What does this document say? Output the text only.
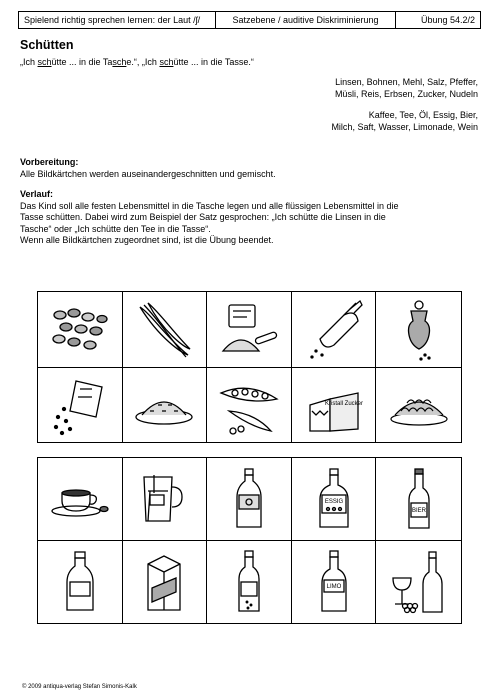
Spielend richtig sprechen lernen: der Laut /ʃ/	Satzebene / auditive Diskriminierung	Übung 54.2/2
Schütten
„Ich schütte ... in die Tasche.“, „Ich schütte ... in die Tasse.“
Linsen, Bohnen, Mehl, Salz, Pfeffer,
Müsli, Reis, Erbsen, Zucker, Nudeln
Kaffee, Tee, Öl, Essig, Bier,
Milch, Saft, Wasser, Limonade, Wein
Vorbereitung:
Alle Bildkärtchen werden auseinandergeschnitten und gemischt.
Verlauf:
Das Kind soll alle festen Lebensmittel in die Tasche legen und alle flüssigen Lebensmittel in die
Tasse schütten. Dabei wird zum Beispiel der Satz gesprochen: „Ich schütte die Linsen in die
Tasche“ oder „Ich schütte den Tee in die Tasse“.
Wenn alle Bildkärtchen zugeordnet sind, ist die Übung beendet.
Kristall Zucker
ESSIG
BIER
LIMO
© 2009 antiqua-verlag Stefan Simonis-Kalk
